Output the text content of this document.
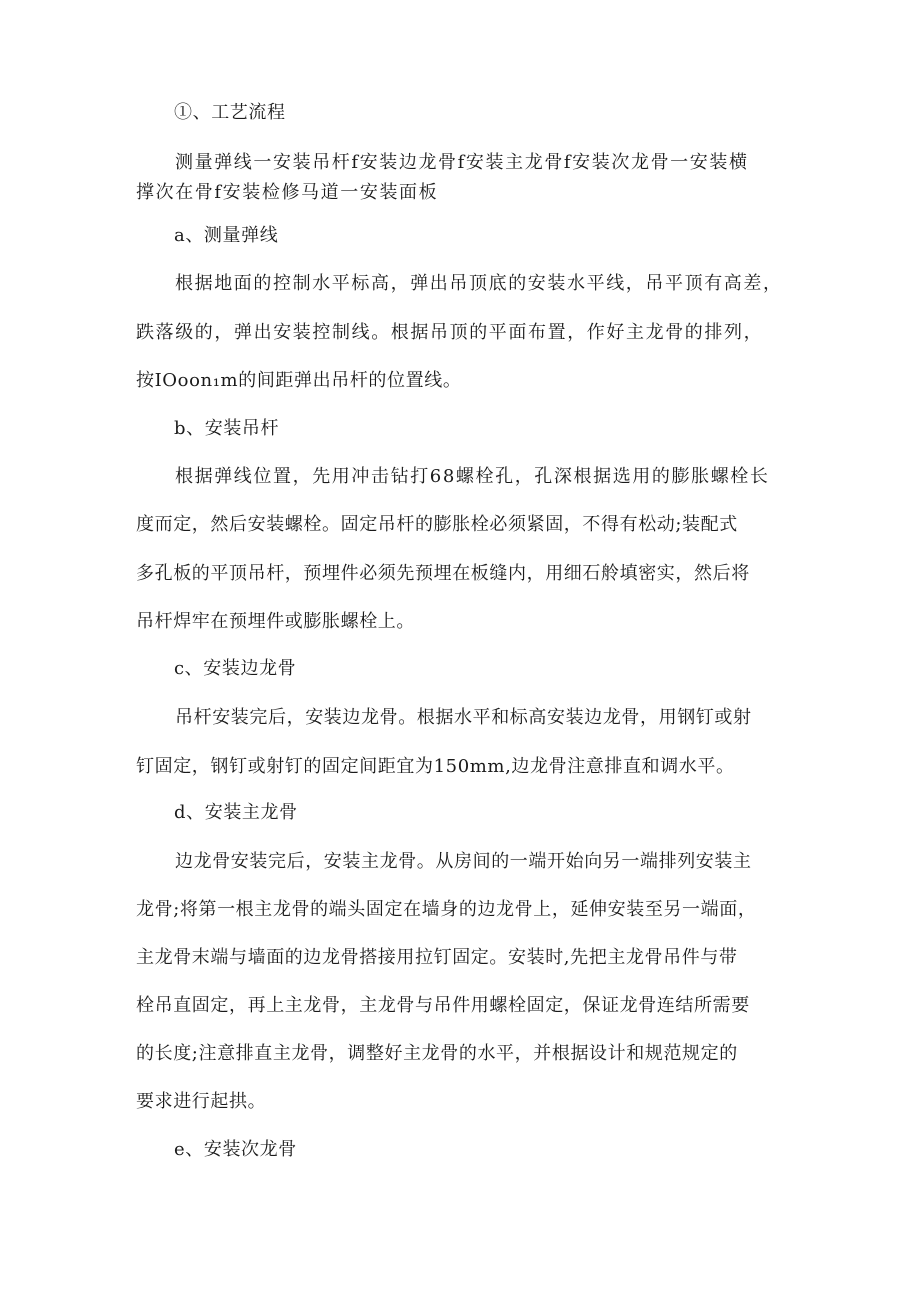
①、工艺流程
测量弹线一安装吊杆f安装边龙骨f安装主龙骨f安装次龙骨一安装横
撑次在骨f安装检修马道一安装面板
a、测量弹线
根据地面的控制水平标高，弹出吊顶底的安装水平线，吊平顶有高差，
跌落级的，弹出安装控制线。根据吊顶的平面布置，作好主龙骨的排列，
按IOoon₁m的间距弹出吊杆的位置线。
b、安装吊杆
根据弹线位置，先用冲击钻打68螺栓孔，孔深根据选用的膨胀螺栓长
度而定，然后安装螺栓。固定吊杆的膨胀栓必须紧固，不得有松动;装配式
多孔板的平顶吊杆，预埋件必须先预埋在板缝内，用细石舲填密实，然后将
吊杆焊牢在预埋件或膨胀螺栓上。
c、安装边龙骨
吊杆安装完后，安装边龙骨。根据水平和标高安装边龙骨，用钢钉或射
钉固定，钢钉或射钉的固定间距宜为150mm,边龙骨注意排直和调水平。
d、安装主龙骨
边龙骨安装完后，安装主龙骨。从房间的一端开始向另一端排列安装主
龙骨;将第一根主龙骨的端头固定在墙身的边龙骨上，延伸安装至另一端面，
主龙骨末端与墙面的边龙骨搭接用拉钉固定。安装时,先把主龙骨吊件与带
栓吊直固定，再上主龙骨，主龙骨与吊件用螺栓固定，保证龙骨连结所需要
的长度;注意排直主龙骨，调整好主龙骨的水平，并根据设计和规范规定的
要求进行起拱。
e、安装次龙骨
